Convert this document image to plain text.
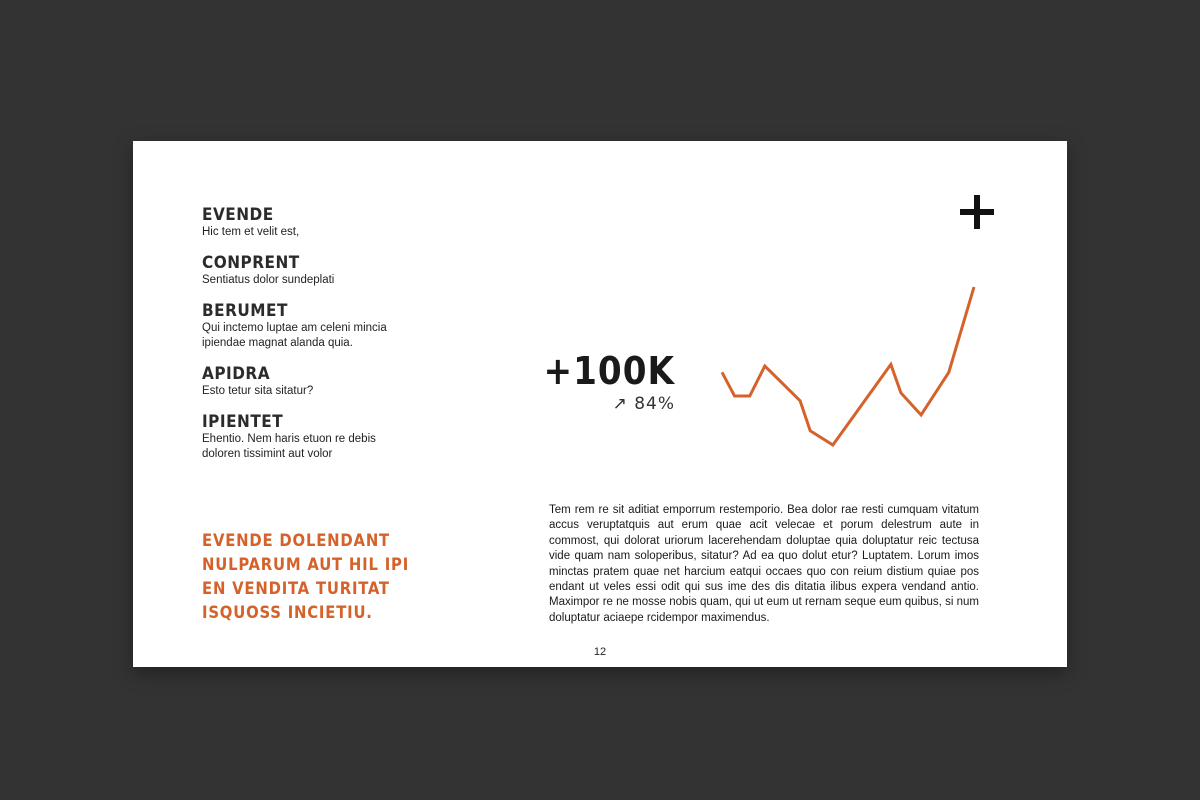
EVENDE
Hic tem et velit est,
CONPRENT
Sentiatus dolor sundeplati
BERUMET
Qui inctemo luptae am celeni mincia ipiendae magnat alanda quia.
APIDRA
Esto tetur sita sitatur?
IPIENTET
Ehentio. Nem haris etuon re debis doloren tissimint aut volor
EVENDE DOLENDANT
NULPARUM AUT HIL IPI
EN VENDITA TURITAT
ISQUOSS INCIETIU.
+100K
↗ 84%
Tem rem re sit aditiat emporrum restemporio. Bea dolor rae resti cumquam vitatum accus veruptatquis aut erum quae acit velecae et porum delestrum aute in commost, qui dolorat uriorum lacerehendam doluptae quia doluptatur reic tectusa vide quam nam solореribus, sitatur? Ad ea quo dolut etur? Luptatem. Lorum imos minctas pratem quae net harcium eatqui occaes quo con reium distium quiae pos endant ut veles essi odit qui sus ime des dis ditatia ilibus expera vendand antio. Maximpor re ne mosse nobis quam, qui ut eum ut rernam seque eum quibus, si num doluptatur aciaepe rcidempor maximendus.
12
